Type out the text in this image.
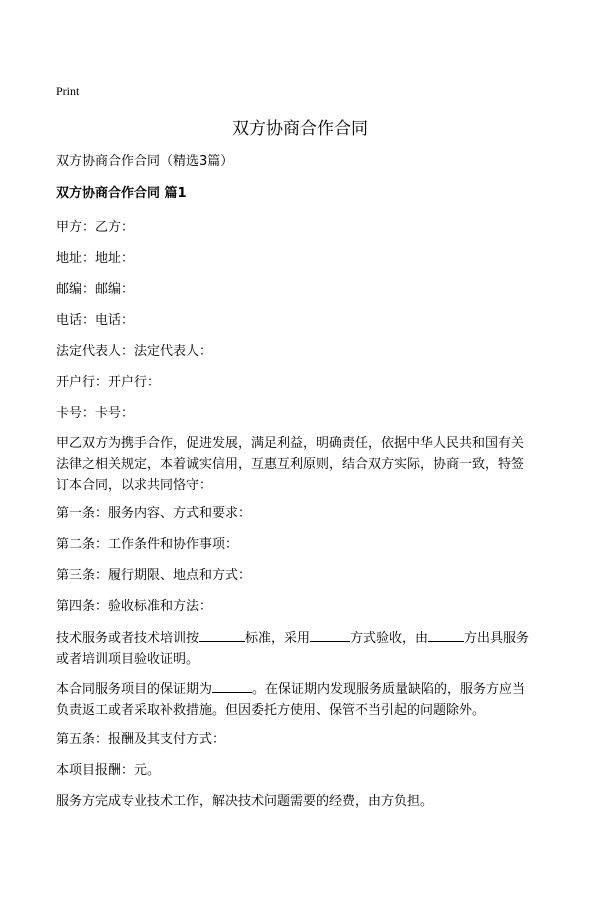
Print
双方协商合作合同
双方协商合作合同（精选3篇）
双方协商合作合同 篇1

甲方：乙方：

地址：地址：

邮编：邮编：

电话：电话：

法定代表人：法定代表人：

开户行：开户行：

卡号：卡号：

甲乙双方为携手合作，促进发展，满足利益，明确责任，依据中华人民共和国有关
法律之相关规定，本着诚实信用，互惠互利原则，结合双方实际，协商一致，特签
订本合同，以求共同恪守：

第一条：服务内容、方式和要求：

第二条：工作条件和协作事项：

第三条：履行期限、地点和方式：

第四条：验收标准和方法：

技术服务或者技术培训按	标准，采用	方式验收，由	方出具服务
或者培训项目验收证明。
本合同服务项目的保证期为	。在保证期内发现服务质量缺陷的，服务方应当
负责返工或者采取补救措施。但因委托方使用、保管不当引起的问题除外。

第五条：报酬及其支付方式：

本项目报酬：元。

服务方完成专业技术工作，解决技术问题需要的经费，由方负担。
